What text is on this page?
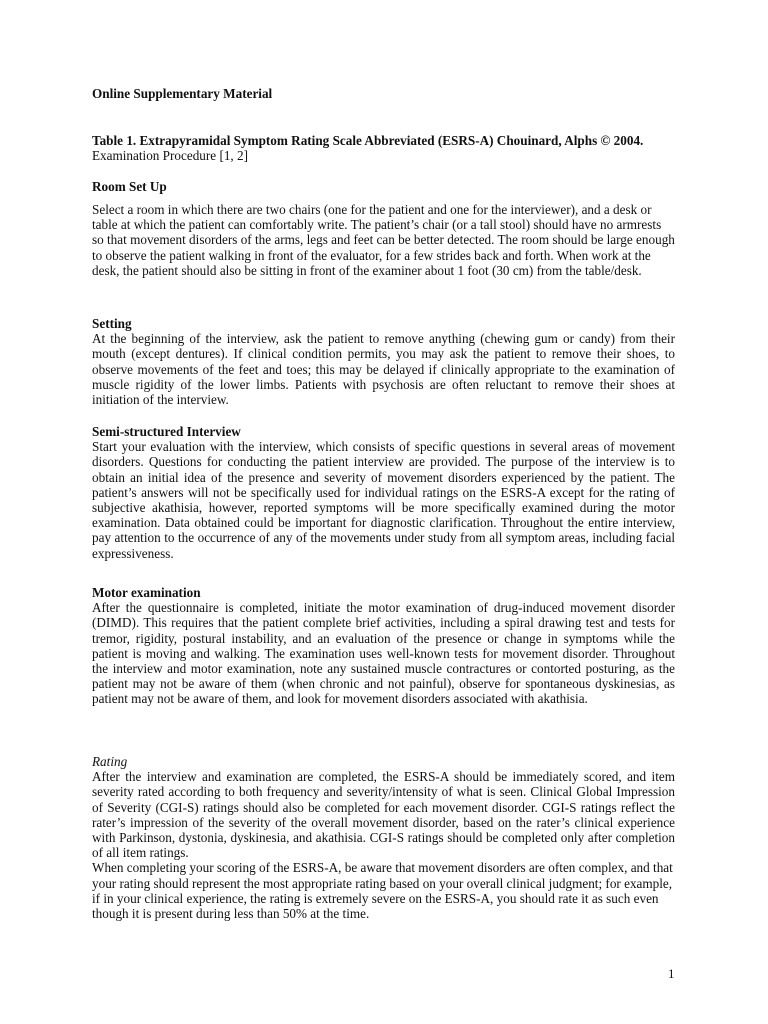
Online Supplementary Material
Table 1. Extrapyramidal Symptom Rating Scale Abbreviated (ESRS-A) Chouinard, Alphs © 2004. Examination Procedure [1, 2]
Room Set Up

Select a room in which there are two chairs (one for the patient and one for the interviewer), and a desk or table at which the patient can comfortably write. The patient’s chair (or a tall stool) should have no armrests so that movement disorders of the arms, legs and feet can be better detected. The room should be large enough to observe the patient walking in front of the evaluator, for a few strides back and forth. When work at the desk, the patient should also be sitting in front of the examiner about 1 foot (30 cm) from the table/desk.

Setting

At the beginning of the interview, ask the patient to remove anything (chewing gum or candy) from their mouth (except dentures). If clinical condition permits, you may ask the patient to remove their shoes, to observe movements of the feet and toes; this may be delayed if clinically appropriate to the examination of muscle rigidity of the lower limbs. Patients with psychosis are often reluctant to remove their shoes at initiation of the interview.

Semi-structured Interview

Start your evaluation with the interview, which consists of specific questions in several areas of movement disorders. Questions for conducting the patient interview are provided. The purpose of the interview is to obtain an initial idea of the presence and severity of movement disorders experienced by the patient. The patient’s answers will not be specifically used for individual ratings on the ESRS-A except for the rating of subjective akathisia, however, reported symptoms will be more specifically examined during the motor examination. Data obtained could be important for diagnostic clarification. Throughout the entire interview, pay attention to the occurrence of any of the movements under study from all symptom areas, including facial expressiveness.

Motor examination

After the questionnaire is completed, initiate the motor examination of drug-induced movement disorder (DIMD). This requires that the patient complete brief activities, including a spiral drawing test and tests for tremor, rigidity, postural instability, and an evaluation of the presence or change in symptoms while the patient is moving and walking. The examination uses well-known tests for movement disorder. Throughout the interview and motor examination, note any sustained muscle contractures or contorted posturing, as the patient may not be aware of them (when chronic and not painful), observe for spontaneous dyskinesias, as patient may not be aware of them, and look for movement disorders associated with akathisia.

Rating

After the interview and examination are completed, the ESRS-A should be immediately scored, and item severity rated according to both frequency and severity/intensity of what is seen. Clinical Global Impression of Severity (CGI-S) ratings should also be completed for each movement disorder. CGI-S ratings reflect the rater’s impression of the severity of the overall movement disorder, based on the rater’s clinical experience with Parkinson, dystonia, dyskinesia, and akathisia. CGI-S ratings should be completed only after completion of all item ratings.

When completing your scoring of the ESRS-A, be aware that movement disorders are often complex, and that your rating should represent the most appropriate rating based on your overall clinical judgment; for example, if in your clinical experience, the rating is extremely severe on the ESRS-A, you should rate it as such even though it is present during less than 50% at the time.

1
